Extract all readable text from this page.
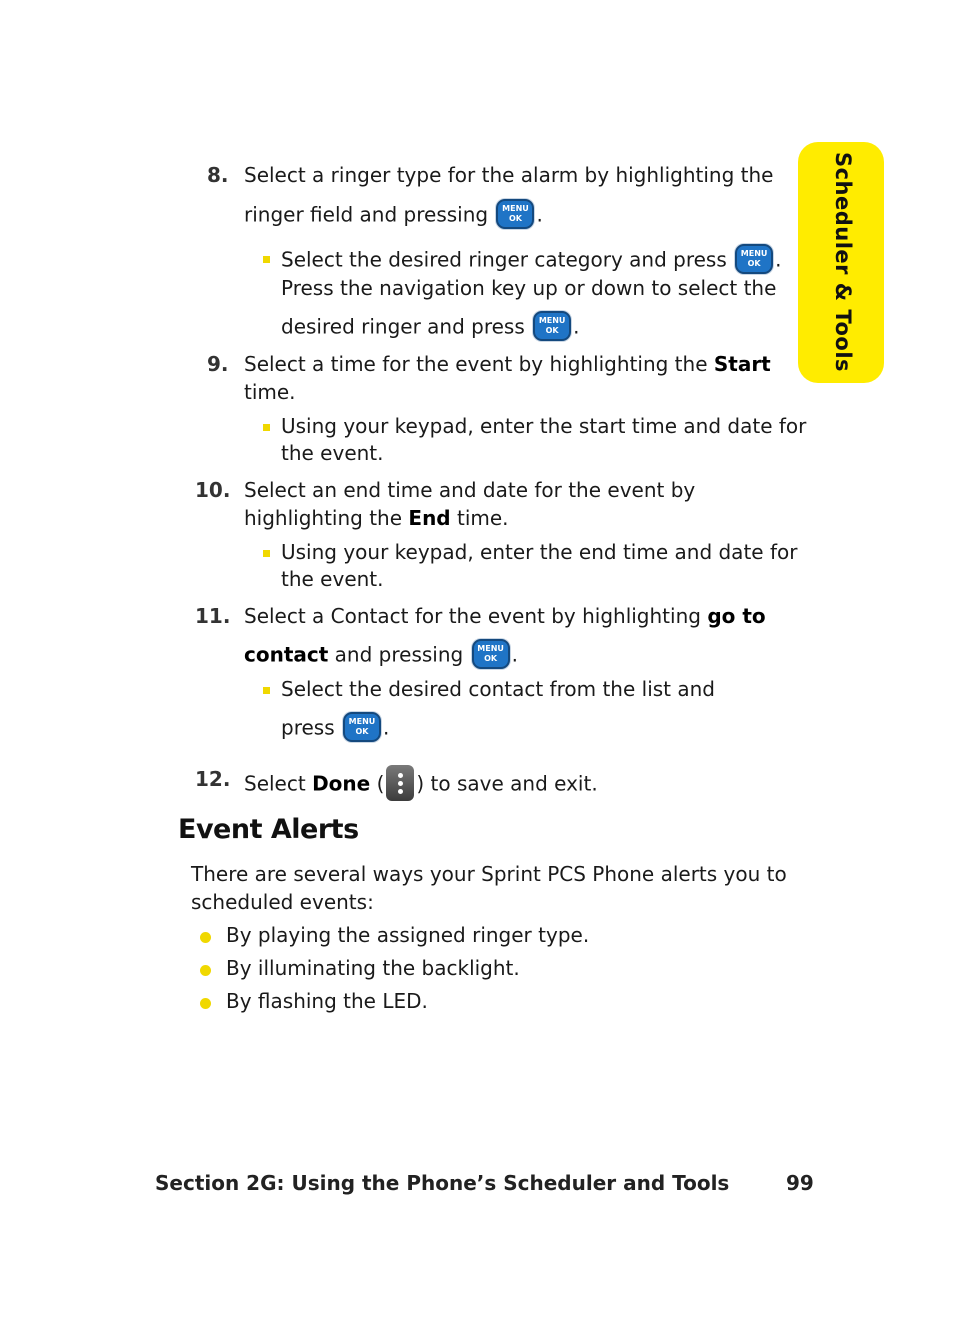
Scheduler & Tools
8. Select a ringer type for the alarm by highlighting the
ringer field and pressing	MENU
OK .
Select the desired ringer category and press	MENU
OK .
Press the navigation key up or down to select the
desired ringer and press	MENU
OK .
9. Select a time for the event by highlighting the Start
time.
Using your keypad, enter the start time and date for
the event.
10. Select an end time and date for the event by
highlighting the End time.
Using your keypad, enter the end time and date for
the event.
11. Select a Contact for the event by highlighting go to
contact and pressing	MENU
OK .
Select the desired contact from the list and
press	MENU
OK .
12. Select Done ( ) to save and exit.
Event Alerts
There are several ways your Sprint PCS Phone alerts you to
scheduled events:
By playing the assigned ringer type.
By illuminating the backlight.
By flashing the LED.
Section 2G: Using the Phone’s Scheduler and Tools	99
